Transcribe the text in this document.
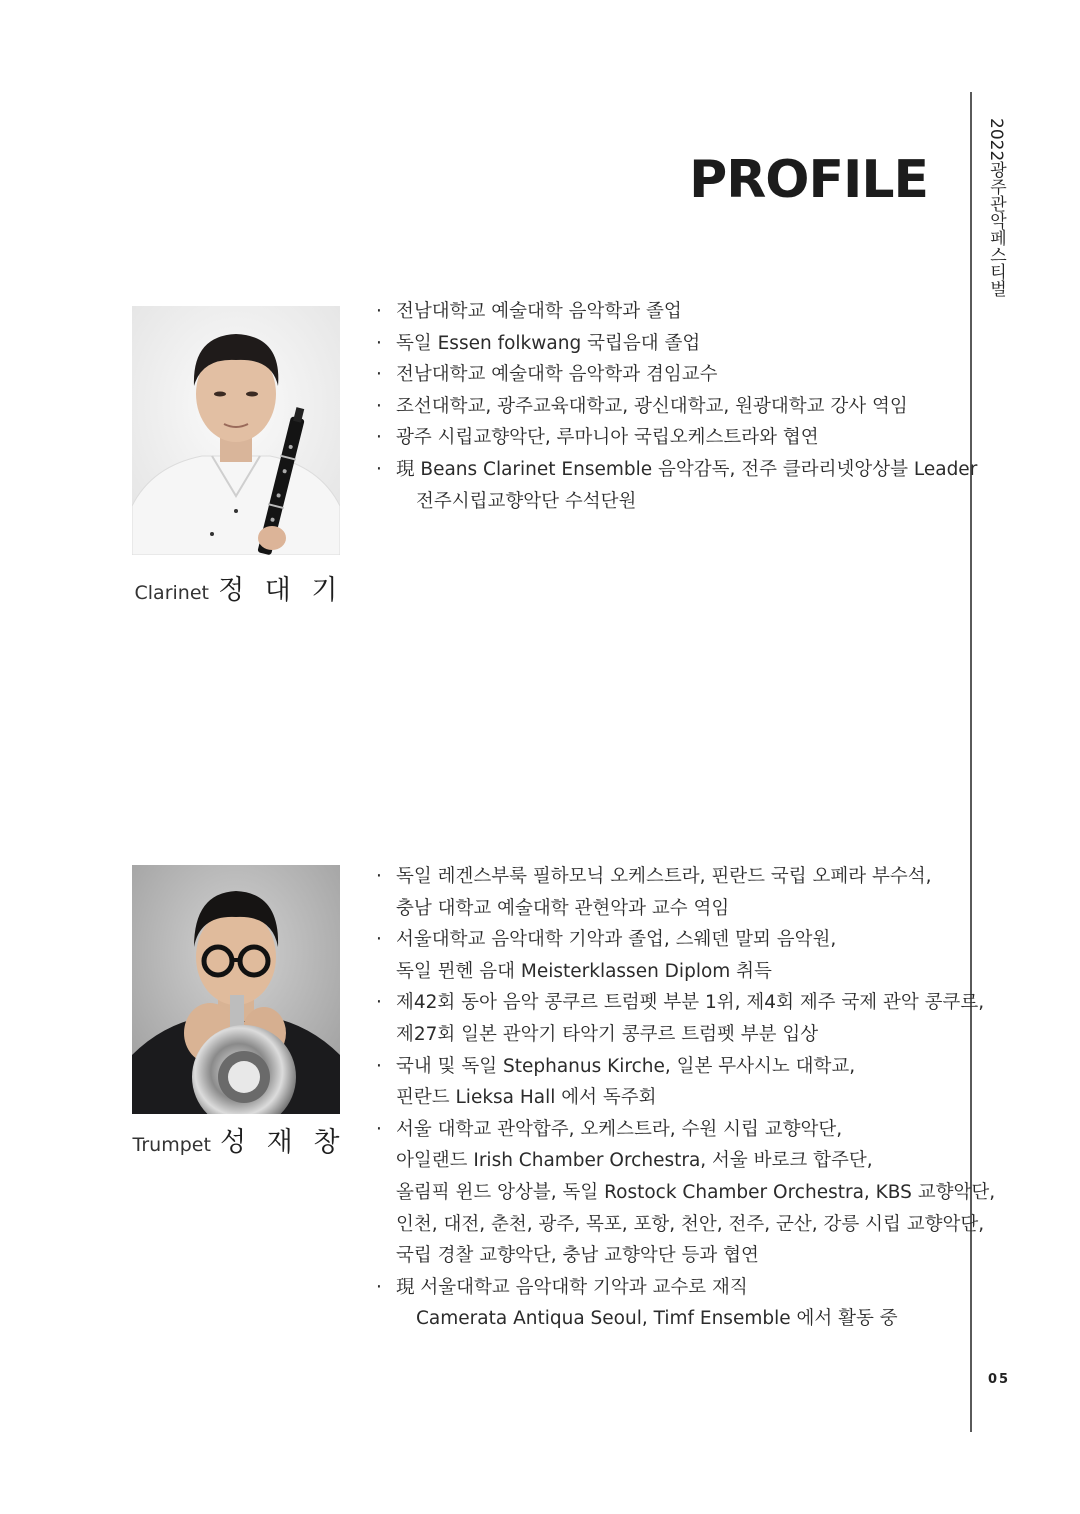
PROFILE	2022광주관악페스티벌
05
Clarinet 정 대 기
· 전남대학교 예술대학 음악학과 졸업
· 독일 Essen folkwang 국립음대 졸업
· 전남대학교 예술대학 음악학과 겸임교수
· 조선대학교, 광주교육대학교, 광신대학교, 원광대학교 강사 역임
· 광주 시립교향악단, 루마니아 국립오케스트라와 협연
· 現 Beans Clarinet Ensemble 음악감독, 전주 클라리넷앙상블 Leader
전주시립교향악단 수석단원
Trumpet 성 재 창
· 독일 레겐스부룩 필하모닉 오케스트라, 핀란드 국립 오페라 부수석,
충남 대학교 예술대학 관현악과 교수 역임
· 서울대학교 음악대학 기악과 졸업, 스웨덴 말뫼 음악원,
독일 뮌헨 음대 Meisterklassen Diplom 취득
· 제42회 동아 음악 콩쿠르 트럼펫 부분 1위, 제4회 제주 국제 관악 콩쿠르,
제27회 일본 관악기 타악기 콩쿠르 트럼펫 부분 입상
· 국내 및 독일 Stephanus Kirche, 일본 무사시노 대학교,
핀란드 Lieksa Hall 에서 독주회
· 서울 대학교 관악합주, 오케스트라, 수원 시립 교향악단,
아일랜드 Irish Chamber Orchestra, 서울 바로크 합주단,
올림픽 윈드 앙상블, 독일 Rostock Chamber Orchestra, KBS 교향악단,
인천, 대전, 춘천, 광주, 목포, 포항, 천안, 전주, 군산, 강릉 시립 교향악단,
국립 경찰 교향악단, 충남 교향악단 등과 협연
· 現 서울대학교 음악대학 기악과 교수로 재직
Camerata Antiqua Seoul, Timf Ensemble 에서 활동 중
